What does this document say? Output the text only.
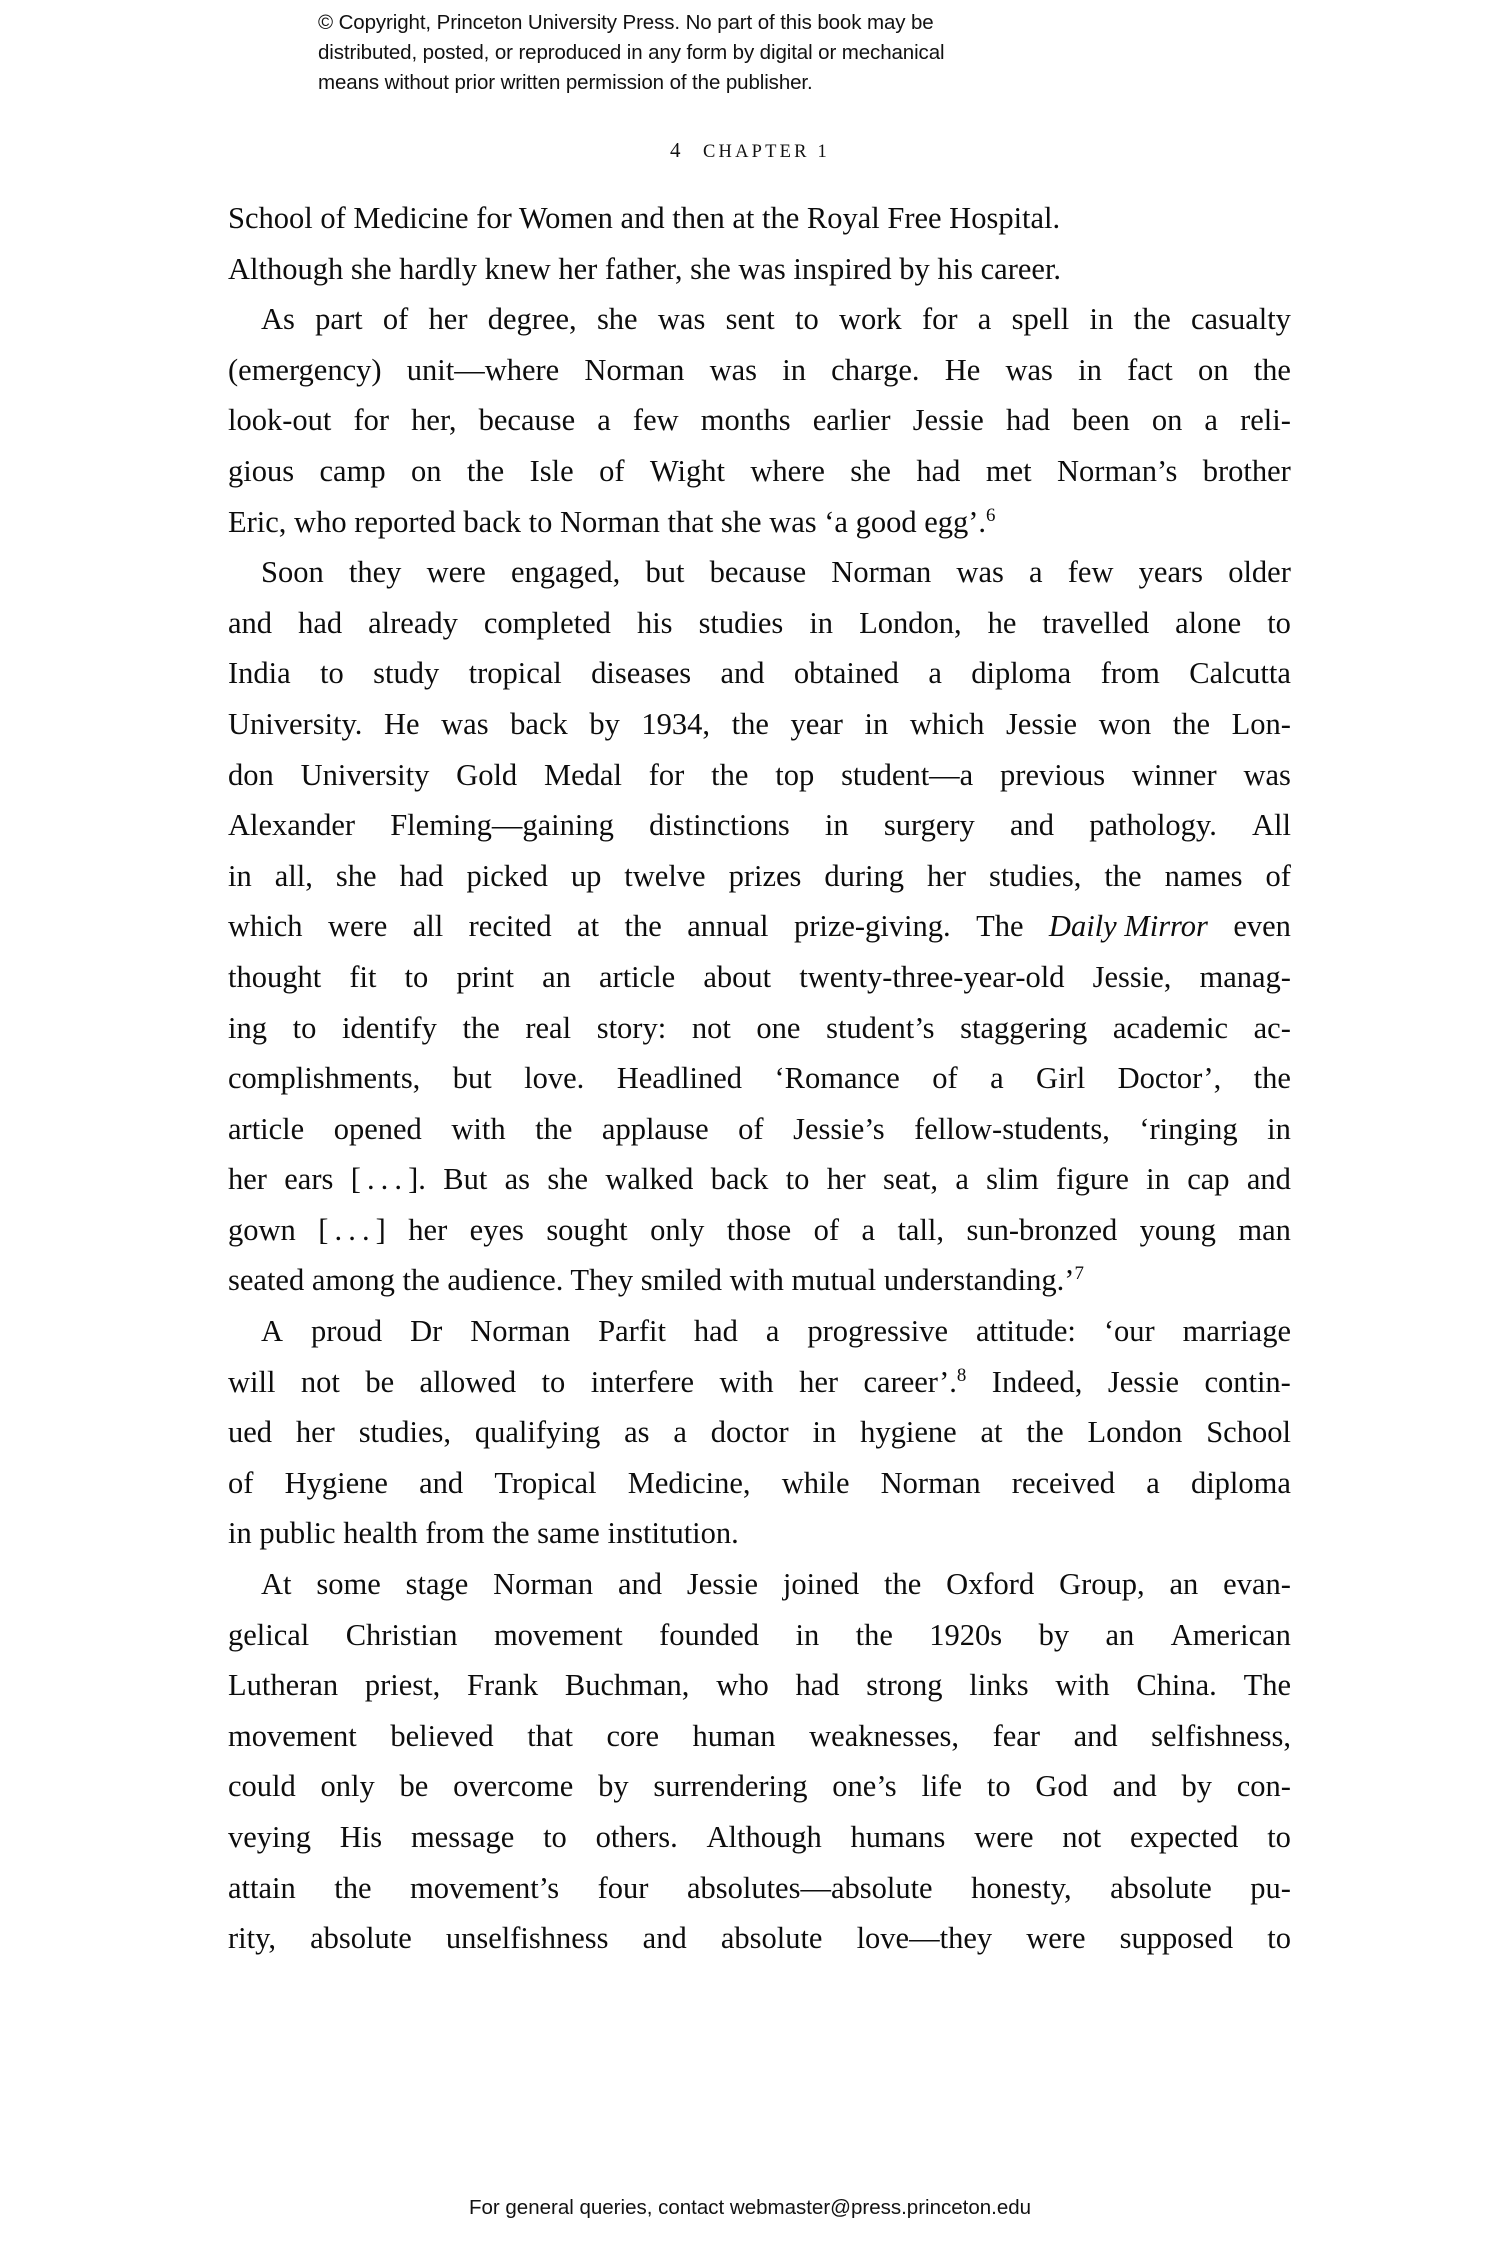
© Copyright, Princeton University Press. No part of this book may be
distributed, posted, or reproduced in any form by digital or mechanical
means without prior written permission of the publisher.
4 CHAPTER 1
School of Medicine for Women and then at the Royal Free Hospital.
Although she hardly knew her father, she was inspired by his career.
As part of her degree, she was sent to work for a spell in the casualty
(emergency) unit—where Norman was in charge. He was in fact on the
look-out for her, because a few months earlier Jessie had been on a reli-
gious camp on the Isle of Wight where she had met Norman’s brother
Eric, who reported back to Norman that she was ‘a good egg’.$^6$
Soon they were engaged, but because Norman was a few years older
and had already completed his studies in London, he travelled alone to
India to study tropical diseases and obtained a diploma from Calcutta
University. He was back by 1934, the year in which Jessie won the Lon-
don University Gold Medal for the top student—a previous winner was
Alexander Fleming—gaining distinctions in surgery and pathology. All
in all, she had picked up twelve prizes during her studies, the names of
which were all recited at the annual prize-giving. The Daily Mirror even
thought fit to print an article about twenty-three-year-old Jessie, manag-
ing to identify the real story: not one student’s staggering academic ac-
complishments, but love. Headlined ‘Romance of a Girl Doctor’, the
article opened with the applause of Jessie’s fellow-students, ‘ringing in
her ears [ . . . ]. But as she walked back to her seat, a slim figure in cap and
gown [ . . . ] her eyes sought only those of a tall, sun-bronzed young man
seated among the audience. They smiled with mutual understanding.’$^7$
A proud Dr Norman Parfit had a progressive attitude: ‘our marriage
will not be allowed to interfere with her career’.$^8$ Indeed, Jessie contin-
ued her studies, qualifying as a doctor in hygiene at the London School
of Hygiene and Tropical Medicine, while Norman received a diploma
in public health from the same institution.
At some stage Norman and Jessie joined the Oxford Group, an evan-
gelical Christian movement founded in the 1920s by an American
Lutheran priest, Frank Buchman, who had strong links with China. The
movement believed that core human weaknesses, fear and selfishness,
could only be overcome by surrendering one’s life to God and by con-
veying His message to others. Although humans were not expected to
attain the movement’s four absolutes—absolute honesty, absolute pu-
rity, absolute unselfishness and absolute love—they were supposed to
For general queries, contact webmaster@press.princeton.edu
